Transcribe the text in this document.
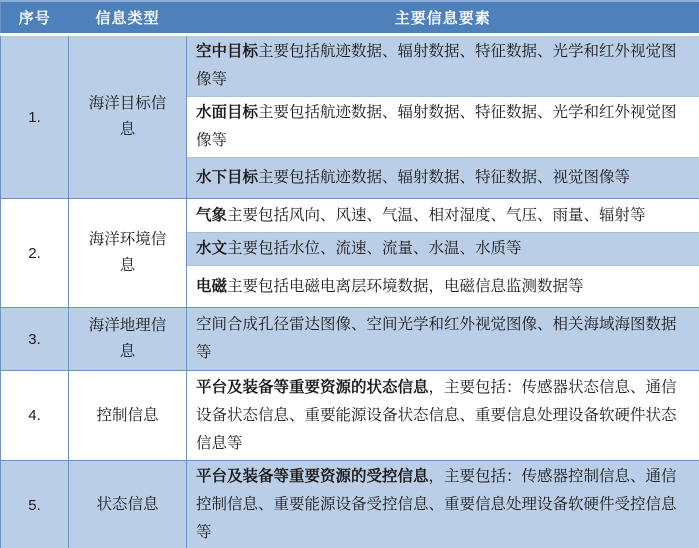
序号	信息类型	主要信息要素
1.	海洋目标信息	空中目标主要包括航迹数据、辐射数据、特征数据、光学和红外视觉图像等
		水面目标主要包括航迹数据、辐射数据、特征数据、光学和红外视觉图像等
		水下目标主要包括航迹数据、辐射数据、特征数据、视觉图像等
2.	海洋环境信息	气象主要包括风向、风速、气温、相对湿度、气压、雨量、辐射等
		水文主要包括水位、流速、流量、水温、水质等
		电磁主要包括电磁电离层环境数据，电磁信息监测数据等
3.	海洋地理信息	空间合成孔径雷达图像、空间光学和红外视觉图像、相关海域海图数据等
4.	控制信息	平台及装备等重要资源的状态信息，主要包括：传感器状态信息、通信设备状态信息、重要能源设备状态信息、重要信息处理设备软硬件状态信息等
5.	状态信息	平台及装备等重要资源的受控信息，主要包括：传感器控制信息、通信控制信息、重要能源设备受控信息、重要信息处理设备软硬件受控信息等
